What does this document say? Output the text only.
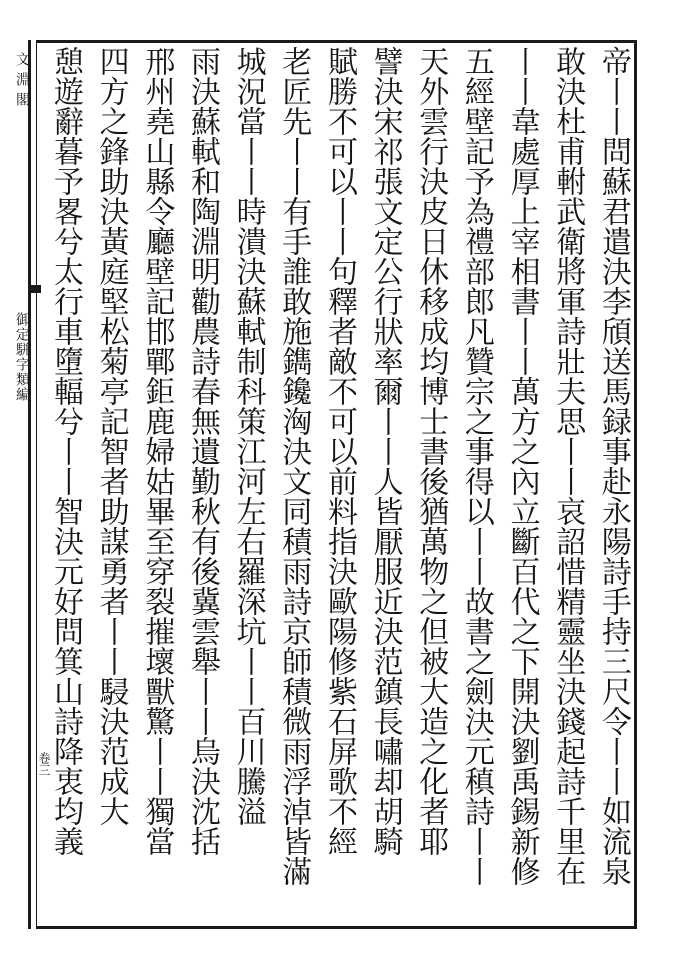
文淵閣
御定駢字類編
卷三	帝丨丨問蘇君遣決李頎送馬録事赴永陽詩手持三尺令丨丨如流泉
敢決杜甫軵武衛將軍詩壯夫思丨丨哀詔惜精靈坐決錢起詩千里在
丨丨韋處厚上宰相書丨丨萬方之內立斷百代之下開決劉禹錫新修
五經壁記予為禮部郎凡贊宗之事得以丨丨故書之劍決元稹詩丨丨
天外雲行決皮日休移成均博士書後猶萬物之但被大造之化者耶
譬決宋祁張文定公行狀率爾丨丨人皆厭服近決范鎮長嘯却胡騎
賦勝不可以丨丨句釋者敵不可以前料指決歐陽修紫石屏歌不經
老匠先丨丨有手誰敢施鐫鑱洶決文同積雨詩京師積微雨浮淖皆滿
城況當丨丨時潰決蘇軾制科策江河左右羅深坑丨丨百川騰溢
雨決蘇軾和陶淵明勸農詩春無遺勤秋有後冀雲舉丨丨烏決沈括
邢州堯山縣令廳壁記邯鄲鉅鹿婦姑畢至穿裂摧壞獸驚丨丨獨當
四方之鋒助決黃庭堅松菊亭記智者助謀勇者丨丨駸決范成大
憩遊辭暮予畧兮太行車墮輻兮丨丨智決元好問箕山詩降衷均義
